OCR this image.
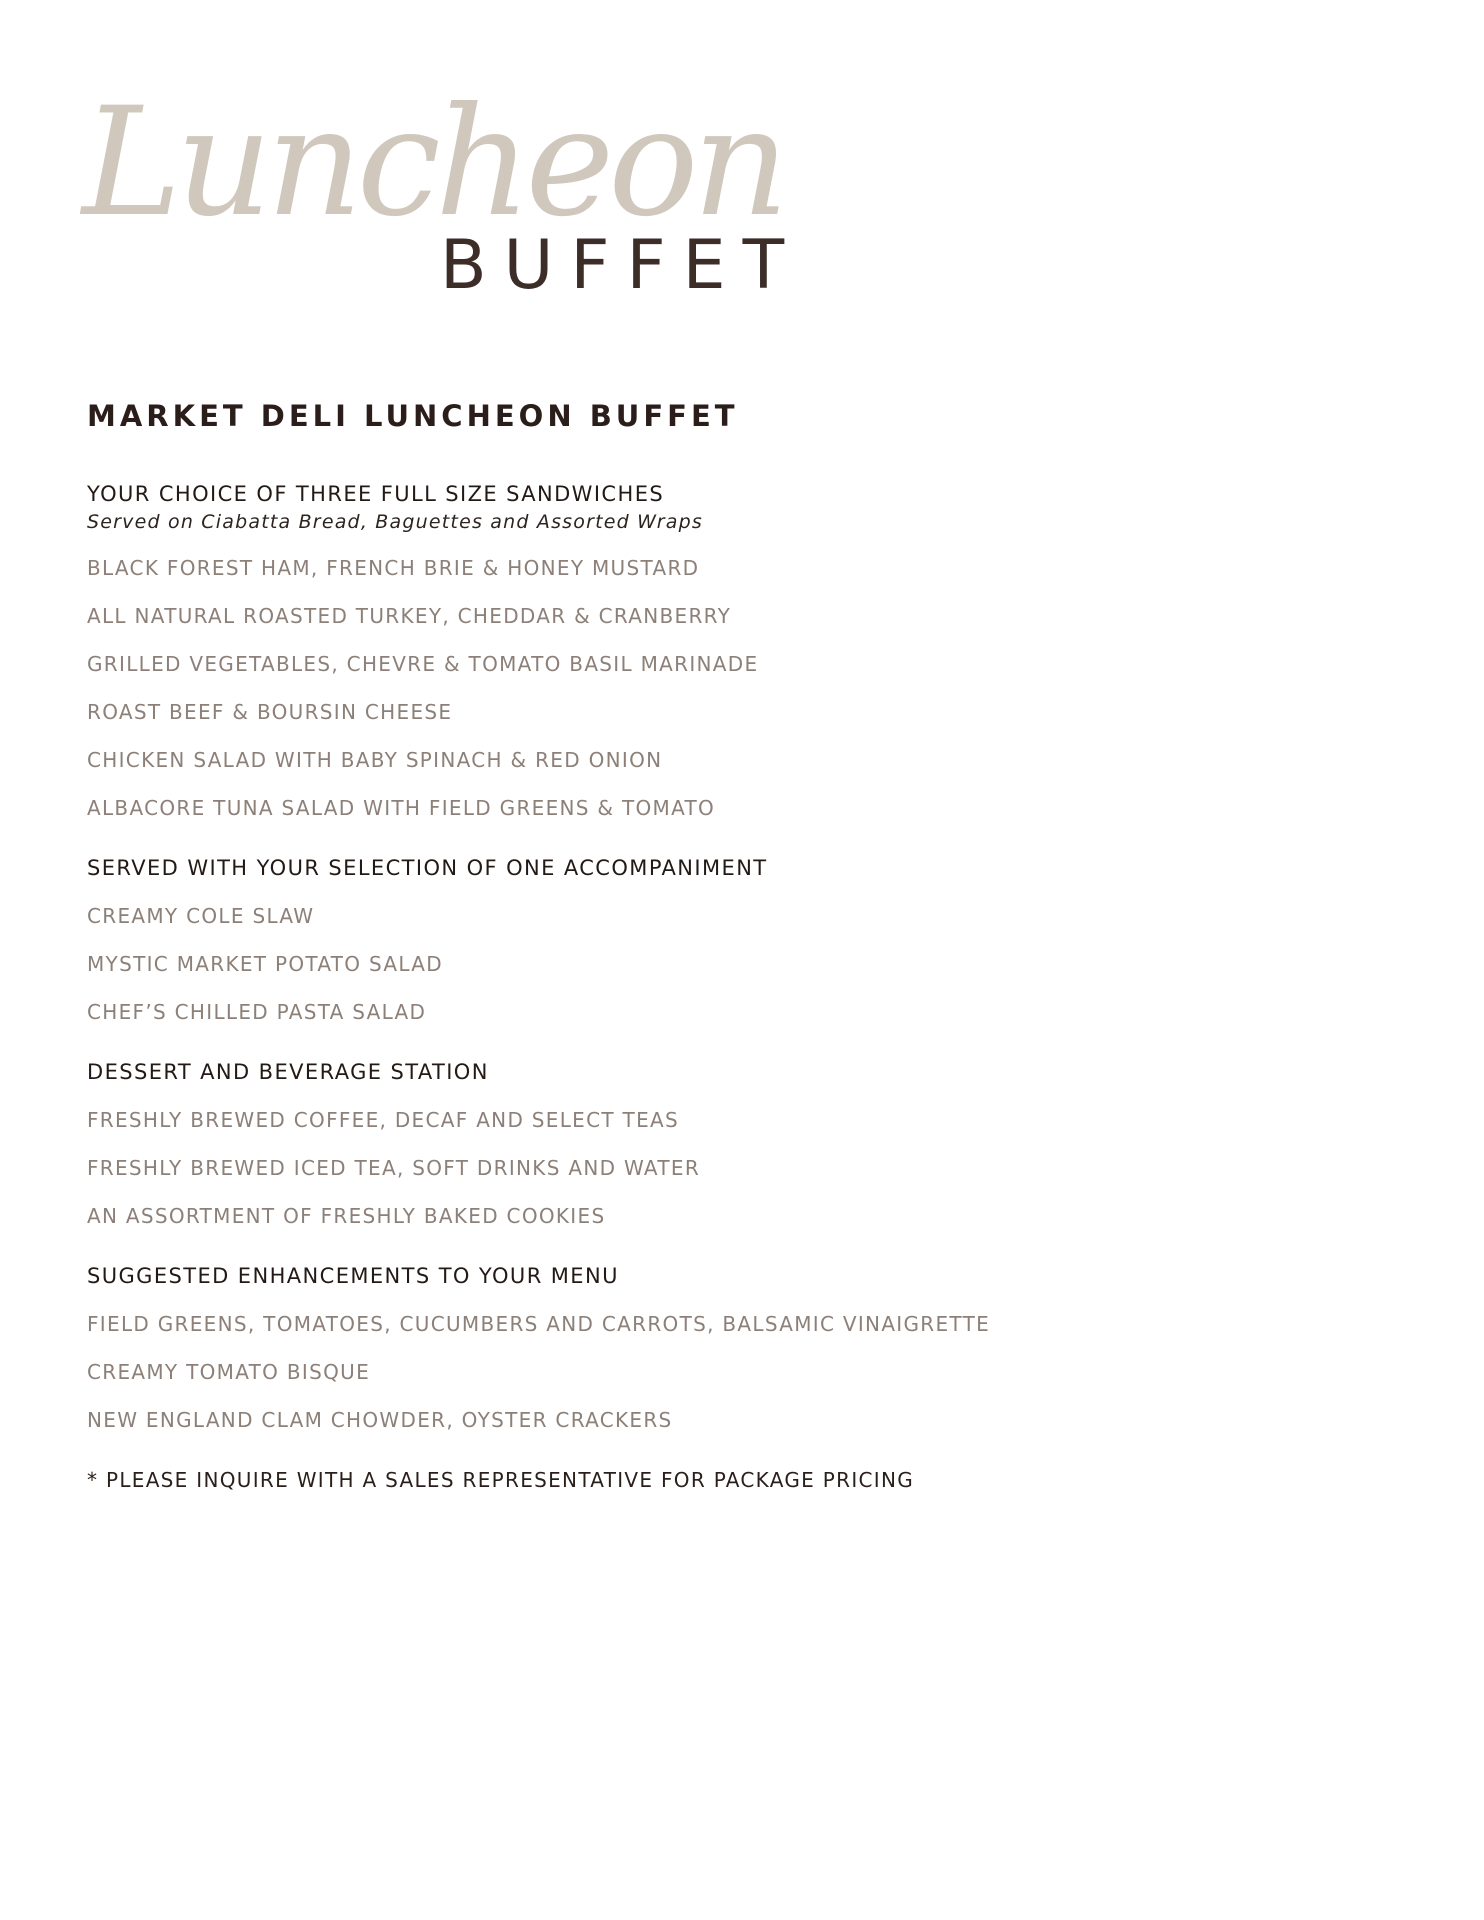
Luncheon
BUFFET
MARKET DELI LUNCHEON BUFFET
YOUR CHOICE OF THREE FULL SIZE SANDWICHES
Served on Ciabatta Bread, Baguettes and Assorted Wraps
BLACK FOREST HAM, FRENCH BRIE & HONEY MUSTARD
ALL NATURAL ROASTED TURKEY, CHEDDAR & CRANBERRY
GRILLED VEGETABLES, CHEVRE & TOMATO BASIL MARINADE
ROAST BEEF & BOURSIN CHEESE
CHICKEN SALAD WITH BABY SPINACH & RED ONION
ALBACORE TUNA SALAD WITH FIELD GREENS & TOMATO
SERVED WITH YOUR SELECTION OF ONE ACCOMPANIMENT
CREAMY COLE SLAW
MYSTIC MARKET POTATO SALAD
CHEF’S CHILLED PASTA SALAD
DESSERT AND BEVERAGE STATION
FRESHLY BREWED COFFEE, DECAF AND SELECT TEAS
FRESHLY BREWED ICED TEA, SOFT DRINKS AND WATER
AN ASSORTMENT OF FRESHLY BAKED COOKIES
SUGGESTED ENHANCEMENTS TO YOUR MENU
FIELD GREENS, TOMATOES, CUCUMBERS AND CARROTS, BALSAMIC VINAIGRETTE
CREAMY TOMATO BISQUE
NEW ENGLAND CLAM CHOWDER, OYSTER CRACKERS
* PLEASE INQUIRE WITH A SALES REPRESENTATIVE FOR PACKAGE PRICING
